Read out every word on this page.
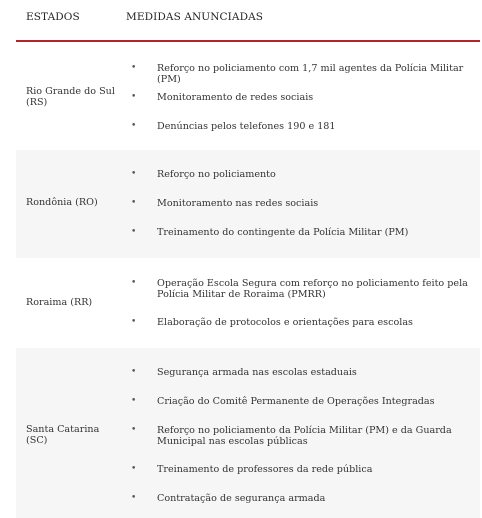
ESTADOS	MEDIDAS ANUNCIADAS
Rio Grande do Sul
(RS)
• Reforço no policiamento com 1,7 mil agentes da Polícia Militar (PM)
• Monitoramento de redes sociais
• Denúncias pelos telefones 190 e 181
Rondônia (RO)
• Reforço no policiamento
• Monitoramento nas redes sociais
• Treinamento do contingente da Polícia Militar (PM)
Roraima (RR)
• Operação Escola Segura com reforço no policiamento feito pela Polícia Militar de Roraima (PMRR)
• Elaboração de protocolos e orientações para escolas
Santa Catarina
(SC)
• Segurança armada nas escolas estaduais
• Criação do Comitê Permanente de Operações Integradas
• Reforço no policiamento da Polícia Militar (PM) e da Guarda Municipal nas escolas públicas
• Treinamento de professores da rede pública
• Contratação de segurança armada
